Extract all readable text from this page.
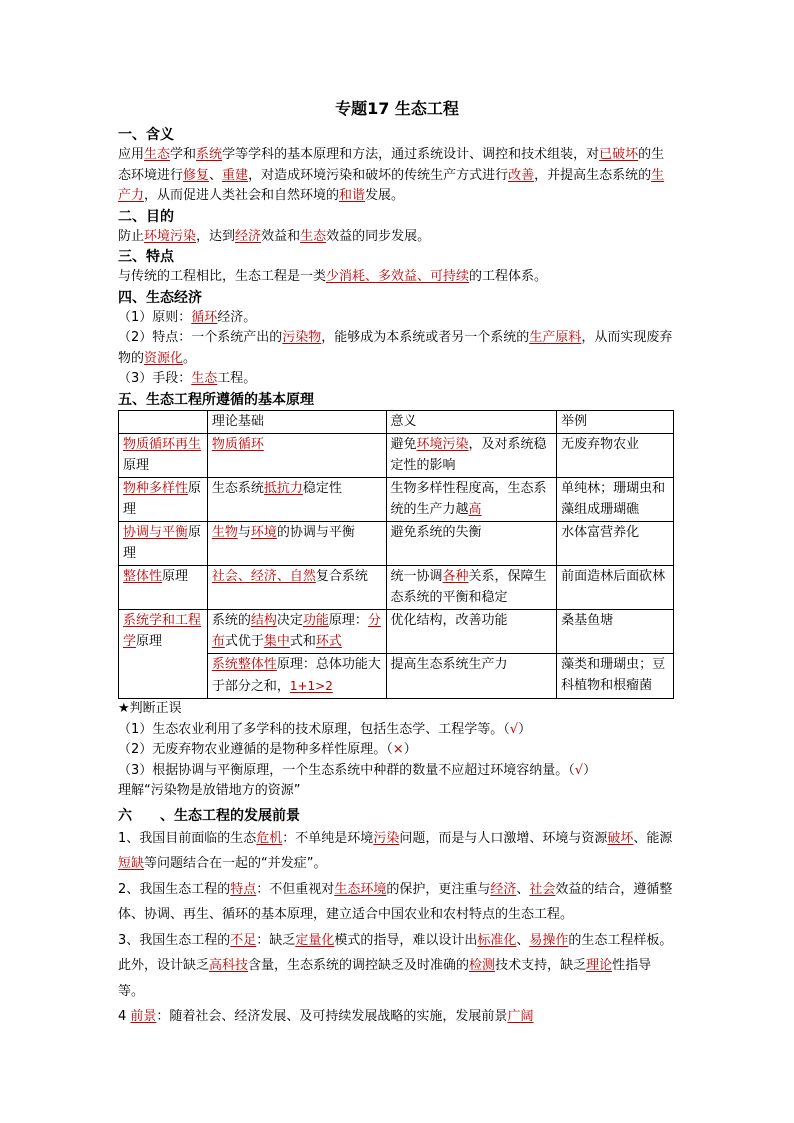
专题17 生态工程
一、含义

应用生态学和系统学等学科的基本原理和方法，通过系统设计、调控和技术组装，对已破坏的生态环境进行修复、重建，对造成环境污染和破坏的传统生产方式进行改善，并提高生态系统的生产力，从而促进人类社会和自然环境的和谐发展。

二、目的

防止环境污染，达到经济效益和生态效益的同步发展。

三、特点

与传统的工程相比，生态工程是一类少消耗、多效益、可持续的工程体系。

四、生态经济

（1）原则：循环经济。

（2）特点：一个系统产出的污染物，能够成为本系统或者另一个系统的生产原料，从而实现废弃物的资源化。

（3）手段：生态工程。

五、生态工程所遵循的基本原理
	理论基础	意义	举例
物质循环再生原理	物质循环	避免环境污染，及对系统稳定性的影响	无废弃物农业
物种多样性原理	生态系统抵抗力稳定性	生物多样性程度高，生态系统的生产力越高	单纯林；珊瑚虫和藻组成珊瑚礁
协调与平衡原理	生物与环境的协调与平衡	避免系统的失衡	水体富营养化
整体性原理	社会、经济、自然复合系统	统一协调各种关系，保障生态系统的平衡和稳定	前面造林后面砍林
系统学和工程学原理	系统的结构决定功能原理：分布式优于集中式和环式	优化结构，改善功能	桑基鱼塘
	系统整体性原理：总体功能大于部分之和，1+1>2	提高生态系统生产力	藻类和珊瑚虫；豆科植物和根瘤菌

★判断正误

（1）生态农业利用了多学科的技术原理，包括生态学、工程学等。（√）

（2）无废弃物农业遵循的是物种多样性原理。（×）

（3）根据协调与平衡原理，一个生态系统中种群的数量不应超过环境容纳量。（√）

理解“污染物是放错地方的资源”

六　　、生态工程的发展前景

1、我国目前面临的生态危机：不单纯是环境污染问题，而是与人口激增、环境与资源破坏、能源短缺等问题结合在一起的“并发症”。

2、我国生态工程的特点：不但重视对生态环境的保护，更注重与经济、社会效益的结合，遵循整体、协调、再生、循环的基本原理，建立适合中国农业和农村特点的生态工程。

3、我国生态工程的不足：缺乏定量化模式的指导，难以设计出标准化、易操作的生态工程样板。此外，设计缺乏高科技含量，生态系统的调控缺乏及时准确的检测技术支持，缺乏理论性指导等。

4 前景：随着社会、经济发展、及可持续发展战略的实施，发展前景广阔
